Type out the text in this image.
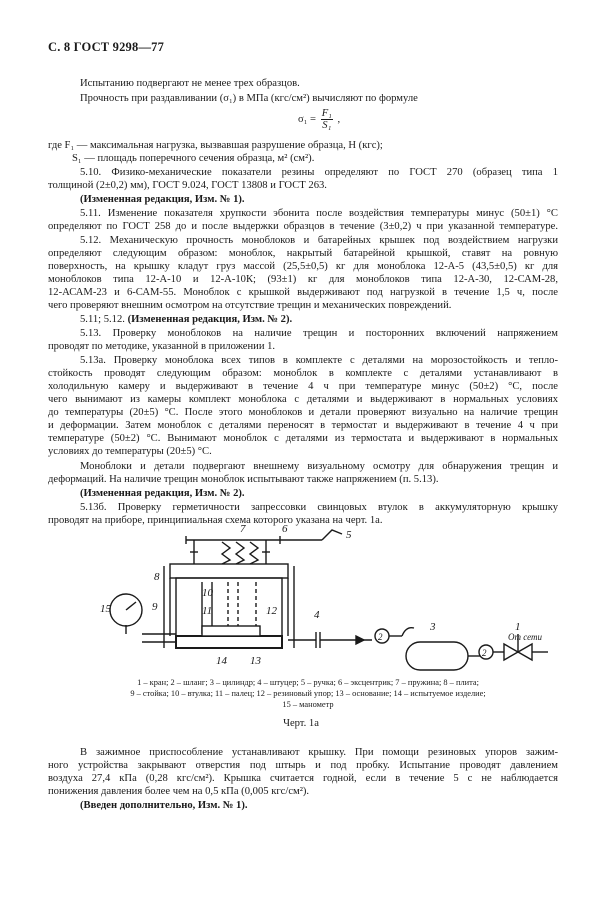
С. 8 ГОСТ 9298—77
Испытанию подвергают не менее трех образцов.
Прочность при раздавливании (σ₁) в МПа (кгс/см²) вычисляют по формуле
$\sigma_1 = \frac{\text{F₁}}{\text{S₁}}$ ,
где F₁ — максимальная нагрузка, вызвавшая разрушение образца, Н (кгс);
S₁ — площадь поперечного сечения образца, м² (см²).
5.10. Физико-механические показатели резины определяют по ГОСТ 270 (образец типа 1
толщиной (2±0,2) мм), ГОСТ 9.024, ГОСТ 13808 и ГОСТ 263.
(Измененная редакция, Изм. № 1).
5.11. Изменение показателя хрупкости эбонита после воздействия температуры минус (50±1) °С
определяют по ГОСТ 258 до и после выдержки образцов в течение (3±0,2) ч при указанной температуре.
5.12. Механическую прочность моноблоков и батарейных крышек под воздействием нагрузки
определяют следующим образом: моноблок, накрытый батарейной крышкой, ставят на ровную
поверхность, на крышку кладут груз массой (25,5±0,5) кг для моноблока 12-А-5 (43,5±0,5) кг для
моноблоков типа 12-А-10 и 12-А-10К; (93±1) кг для моноблоков типа 12-А-30, 12-САМ-28,
12-АСАМ-23 и 6-САМ-55. Моноблок с крышкой выдерживают под нагрузкой в течение 1,5 ч, после
чего проверяют внешним осмотром на отсутствие трещин и механических повреждений.
5.11; 5.12. (Измененная редакция, Изм. № 2).
5.13. Проверку моноблоков на наличие трещин и посторонних включений напряжением
проводят по методике, указанной в приложении 1.
5.13а. Проверку моноблока всех типов в комплекте с деталями на морозостойкость и тепло-
стойкость проводят следующим образом: моноблок в комплекте с деталями устанавливают в
холодильную камеру и выдерживают в течение 4 ч при температуре минус (50±2) °С, после
чего вынимают из камеры комплект моноблока с деталями и выдерживают в нормальных условиях
до температуры (20±5) °С. После этого моноблоков и детали проверяют визуально на наличие трещин
и деформации. Затем моноблок с деталями переносят в термостат и выдерживают в течение 4 ч при
температуре (50±2) °С. Вынимают моноблок с деталями из термостата и выдерживают в нормальных
условиях до температуры (20±5) °С.
Моноблоки и детали подвергают внешнему визуальному осмотру для обнаружения трещин и
деформаций. На наличие трещин моноблок испытывают также напряжением (п. 5.13).
(Измененная редакция, Изм. № 2).
5.13б. Проверку герметичности запрессовки свинцовых втулок в аккумуляторную крышку
проводят на приборе, принципиальная схема которого указана на черт. 1а.
1
2
2
3
4
5
6
7
8
9
10
11	12
13
14
15
От сети
1 – кран; 2 – шланг; 3 – цилиндр; 4 – штуцер; 5 – ручка; 6 – эксцентрик; 7 – пружина; 8 – плита;
9 – стойка; 10 – втулка; 11 – палец; 12 – резиновый упор; 13 – основание; 14 – испытуемое изделие;
15 – манометр
Черт. 1а
В зажимное приспособление устанавливают крышку. При помощи резиновых упоров зажим-
ного устройства закрывают отверстия под штырь и под пробку. Испытание проводят давлением
воздуха 27,4 кПа (0,28 кгс/см²). Крышка считается годной, если в течение 5 с не наблюдается
понижения давления более чем на 0,5 кПа (0,005 кгс/см²).
(Введен дополнительно, Изм. № 1).
